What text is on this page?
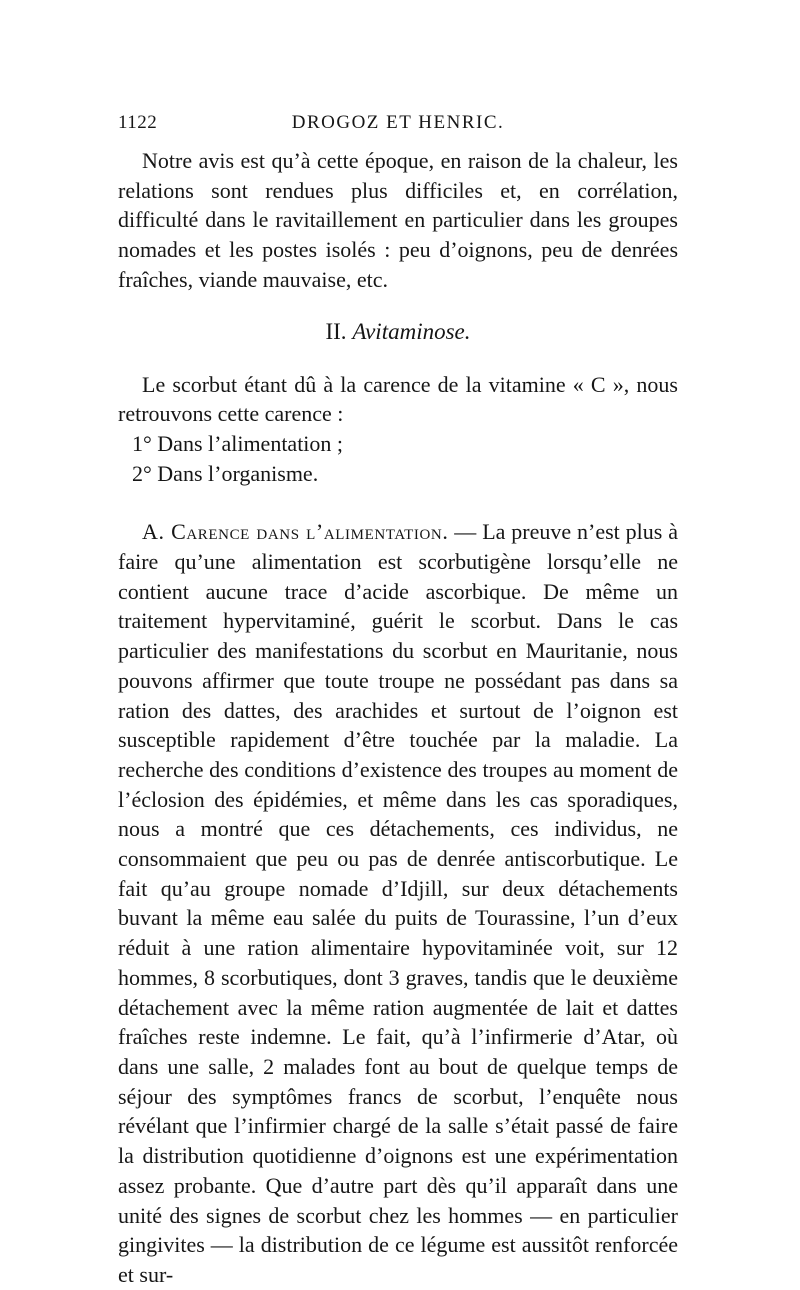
1122	DROGOZ ET HENRIC.

Notre avis est qu’à cette époque, en raison de la chaleur, les relations sont rendues plus difficiles et, en corrélation, difficulté dans le ravitaillement en particulier dans les groupes nomades et les postes isolés : peu d’oignons, peu de denrées fraîches, viande mauvaise, etc.

II. Avitaminose.

Le scorbut étant dû à la carence de la vitamine « C », nous retrouvons cette carence :

1° Dans l’alimentation ;
2° Dans l’organisme.

A. Carence dans l’alimentation. — La preuve n’est plus à faire qu’une alimentation est scorbutigène lorsqu’elle ne contient aucune trace d’acide ascorbique. De même un traitement hypervitaminé, guérit le scorbut. Dans le cas particulier des manifestations du scorbut en Mauritanie, nous pouvons affirmer que toute troupe ne possédant pas dans sa ration des dattes, des arachides et surtout de l’oignon est susceptible rapidement d’être touchée par la maladie. La recherche des conditions d’existence des troupes au moment de l’éclosion des épidémies, et même dans les cas sporadiques, nous a montré que ces détachements, ces individus, ne consommaient que peu ou pas de denrée antiscorbutique. Le fait qu’au groupe nomade d’Idjill, sur deux détachements buvant la même eau salée du puits de Tourassine, l’un d’eux réduit à une ration alimentaire hypovitaminée voit, sur 12 hommes, 8 scorbutiques, dont 3 graves, tandis que le deuxième détachement avec la même ration augmentée de lait et dattes fraîches reste indemne. Le fait, qu’à l’infirmerie d’Atar, où dans une salle, 2 malades font au bout de quelque temps de séjour des symptômes francs de scorbut, l’enquête nous révélant que l’infirmier chargé de la salle s’était passé de faire la distribution quotidienne d’oignons est une expérimentation assez probante. Que d’autre part dès qu’il apparaît dans une unité des signes de scorbut chez les hommes — en particulier gingivites — la distribution de ce légume est aussitôt renforcée et sur-
